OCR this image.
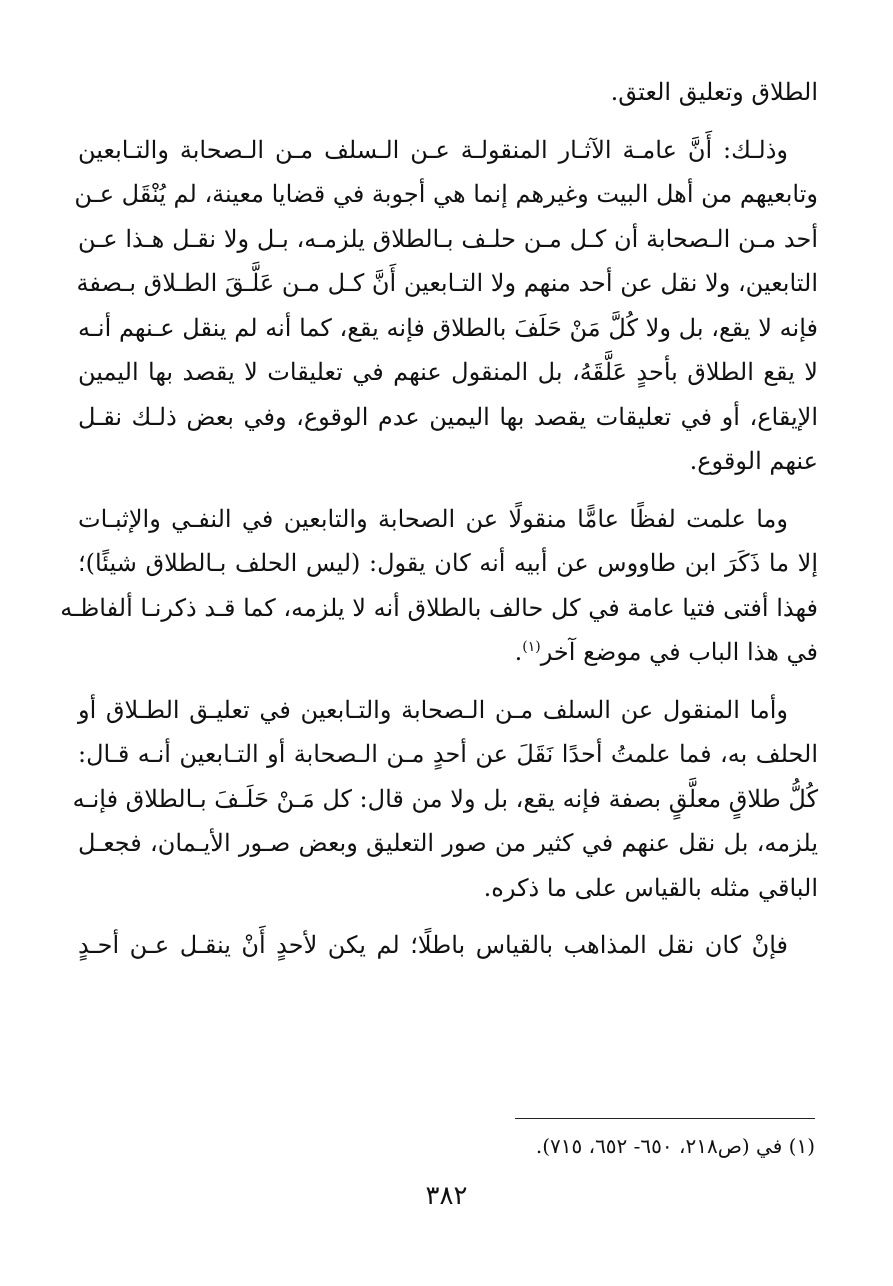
الطلاق وتعليق العتق.
وذلـك: أَنَّ عامـة الآثـار المنقولـة عـن الـسلف مـن الـصحابة والتـابعين
وتابعيهم من أهل البيت وغيرهم إنما هي أجوبة في قضايا معينة، لم يُنْقَل عـن
أحد مـن الـصحابة أن كـل مـن حلـف بـالطلاق يلزمـه، بـل ولا نقـل هـذا عـن
التابعين، ولا نقل عن أحد منهم ولا التـابعين أَنَّ كـل مـن عَلَّـقَ الطـلاق بـصفة
فإنه لا يقع، بل ولا كُلَّ مَنْ حَلَفَ بالطلاق فإنه يقع، كما أنه لم ينقل عـنهم أنـه
لا يقع الطلاق بأحدٍ عَلَّقَهُ، بل المنقول عنهم في تعليقات لا يقصد بها اليمين
الإيقاع، أو في تعليقات يقصد بها اليمين عدم الوقوع، وفي بعض ذلـك نقـل
عنهم الوقوع.
وما علمت لفظًا عامًّا منقولًا عن الصحابة والتابعين في النفـي والإثبـات
إلا ما ذَكَرَ ابن طاووس عن أبيه أنه كان يقول: (ليس الحلف بـالطلاق شيئًا)؛
فهذا أفتى فتيا عامة في كل حالف بالطلاق أنه لا يلزمه، كما قـد ذكرنـا ألفاظـه
في هذا الباب في موضع آخر$^{(١)}$.
وأما المنقول عن السلف مـن الـصحابة والتـابعين في تعليـق الطـلاق أو
الحلف به، فما علمتُ أحدًا نَقَلَ عن أحدٍ مـن الـصحابة أو التـابعين أنـه قـال:
كُلُّ طلاقٍ معلَّقٍ بصفة فإنه يقع، بل ولا من قال: كل مَـنْ حَلَـفَ بـالطلاق فإنـه
يلزمه، بل نقل عنهم في كثير من صور التعليق وبعض صـور الأيـمان، فجعـل
الباقي مثله بالقياس على ما ذكره.
فإنْ كان نقل المذاهب بالقياس باطلًا؛ لم يكن لأحدٍ أَنْ ينقـل عـن أحـدٍ
(١) في (ص٢١٨، ٦٥٠- ٦٥٢، ٧١٥).
٣٨٢
